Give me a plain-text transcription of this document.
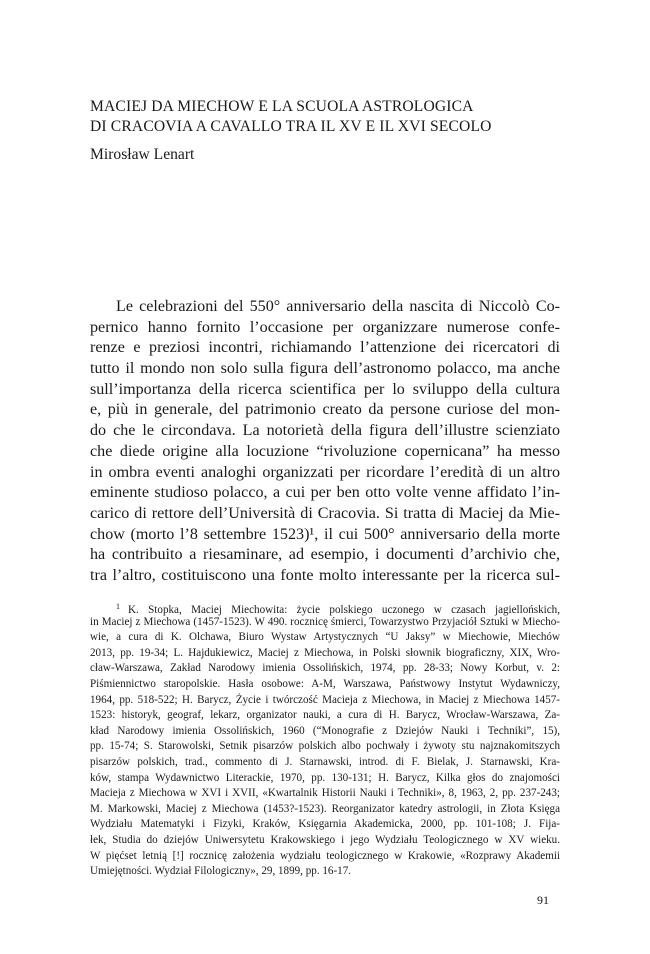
MACIEJ DA MIECHOW E LA SCUOLA ASTROLOGICA
DI CRACOVIA A CAVALLO TRA IL XV E IL XVI SECOLO
Mirosław Lenart
Le celebrazioni del 550° anniversario della nascita di Niccolò Co-
pernico hanno fornito l’occasione per organizzare numerose confe-
renze e preziosi incontri, richiamando l’attenzione dei ricercatori di
tutto il mondo non solo sulla figura dell’astronomo polacco, ma anche
sull’importanza della ricerca scientifica per lo sviluppo della cultura
e, più in generale, del patrimonio creato da persone curiose del mon-
do che le circondava. La notorietà della figura dell’illustre scienziato
che diede origine alla locuzione “rivoluzione copernicana” ha messo
in ombra eventi analoghi organizzati per ricordare l’eredità di un altro
eminente studioso polacco, a cui per ben otto volte venne affidato l’in-
carico di rettore dell’Università di Cracovia. Si tratta di Maciej da Mie-
chow (morto l’8 settembre 1523)¹, il cui 500° anniversario della morte
ha contribuito a riesaminare, ad esempio, i documenti d’archivio che,
tra l’altro, costituiscono una fonte molto interessante per la ricerca sul-
$^1$ K. Stopka, Maciej Miechowita: życie polskiego uczonego w czasach jagiellońskich,
in Maciej z Miechowa (1457-1523). W 490. rocznicę śmierci, Towarzystwo Przyjaciół Sztuki w Miecho-
wie, a cura di K. Olchawa, Biuro Wystaw Artystycznych “U Jaksy” w Miechowie, Miechów
2013, pp. 19-34; L. Hajdukiewicz, Maciej z Miechowa, in Polski słownik biograficzny, XIX, Wro-
cław-Warszawa, Zakład Narodowy imienia Ossolińskich, 1974, pp. 28-33; Nowy Korbut, v. 2:
Piśmiennictwo staropolskie. Hasła osobowe: A-M, Warszawa, Państwowy Instytut Wydawniczy,
1964, pp. 518-522; H. Barycz, Życie i twórczość Macieja z Miechowa, in Maciej z Miechowa 1457-
1523: historyk, geograf, lekarz, organizator nauki, a cura di H. Barycz, Wrocław-Warszawa, Za-
kład Narodowy imienia Ossolińskich, 1960 (“Monografie z Dziejów Nauki i Techniki”, 15),
pp. 15-74; S. Starowolski, Setnik pisarzów polskich albo pochwały i żywoty stu najznakomitszych
pisarzów polskich, trad., commento di J. Starnawski, introd. di F. Bielak, J. Starnawski, Kra-
ków, stampa Wydawnictwo Literackie, 1970, pp. 130-131; H. Barycz, Kilka głos do znajomości
Macieja z Miechowa w XVI i XVII, «Kwartalnik Historii Nauki i Techniki», 8, 1963, 2, pp. 237-243;
M. Markowski, Maciej z Miechowa (1453?-1523). Reorganizator katedry astrologii, in Złota Księga
Wydziału Matematyki i Fizyki, Kraków, Księgarnia Akademicka, 2000, pp. 101-108; J. Fija-
łek, Studia do dziejów Uniwersytetu Krakowskiego i jego Wydziału Teologicznego w XV wieku.
W pięćset letnią [!] rocznicę założenia wydziału teologicznego w Krakowie, «Rozprawy Akademii
Umiejętności. Wydział Filologiczny», 29, 1899, pp. 16-17.
91
